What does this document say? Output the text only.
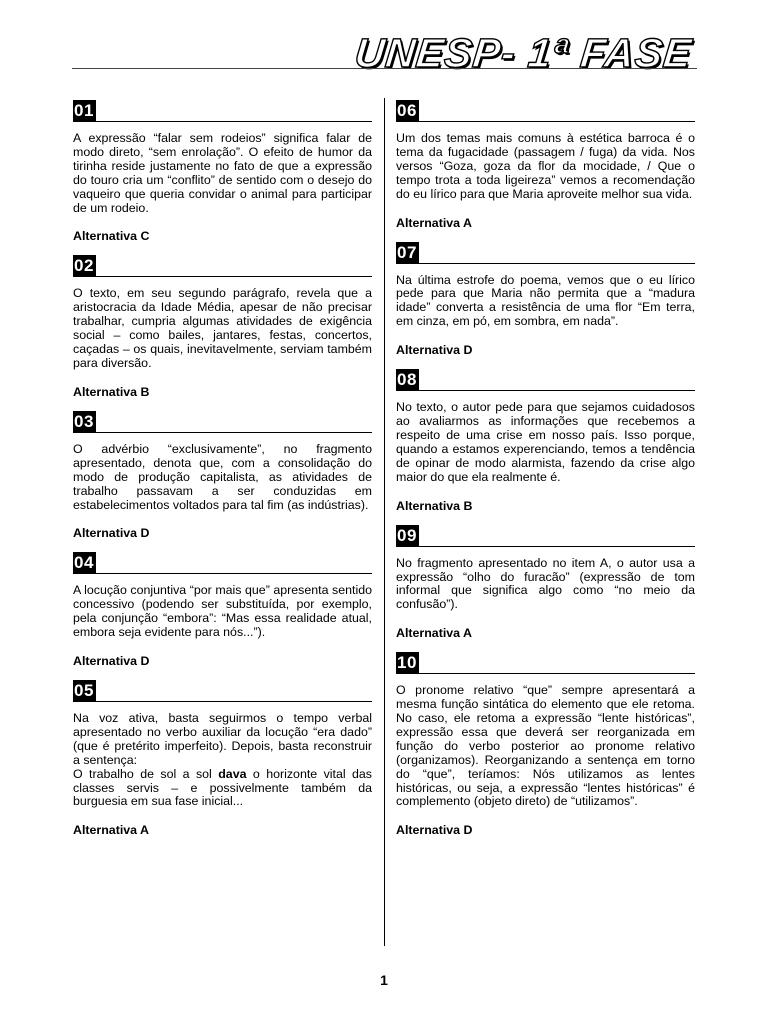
UNESP- 1ª FASE
01

A expressão “falar sem rodeios” significa falar de modo direto, “sem enrolação”. O efeito de humor da tirinha reside justamente no fato de que a expressão do touro cria um “conflito” de sentido com o desejo do vaqueiro que queria convidar o animal para participar de um rodeio.

Alternativa C

02

O texto, em seu segundo parágrafo, revela que a aristocracia da Idade Média, apesar de não precisar trabalhar, cumpria algumas atividades de exigência social – como bailes, jantares, festas, concertos, caçadas – os quais, inevitavelmente, serviam também para diversão.

Alternativa B

03

O advérbio “exclusivamente”, no fragmento apresentado, denota que, com a consolidação do modo de produção capitalista, as atividades de trabalho passavam a ser conduzidas em estabelecimentos voltados para tal fim (as indústrias).

Alternativa D

04

A locução conjuntiva “por mais que” apresenta sentido concessivo (podendo ser substituída, por exemplo, pela conjunção “embora”: “Mas essa realidade atual, embora seja evidente para nós...”).

Alternativa D

05

Na voz ativa, basta seguirmos o tempo verbal apresentado no verbo auxiliar da locução “era dado” (que é pretérito imperfeito). Depois, basta reconstruir a sentença:

O trabalho de sol a sol dava o horizonte vital das classes servis – e possivelmente também da burguesia em sua fase inicial...

Alternativa A

06

Um dos temas mais comuns à estética barroca é o tema da fugacidade (passagem / fuga) da vida. Nos versos “Goza, goza da flor da mocidade, / Que o tempo trota a toda ligeireza” vemos a recomendação do eu lírico para que Maria aproveite melhor sua vida.

Alternativa A

07

Na última estrofe do poema, vemos que o eu lírico pede para que Maria não permita que a “madura idade” converta a resistência de uma flor “Em terra, em cinza, em pó, em sombra, em nada”.

Alternativa D

08

No texto, o autor pede para que sejamos cuidadosos ao avaliarmos as informações que recebemos a respeito de uma crise em nosso país. Isso porque, quando a estamos experenciando, temos a tendência de opinar de modo alarmista, fazendo da crise algo maior do que ela realmente é.

Alternativa B

09

No fragmento apresentado no item A, o autor usa a expressão “olho do furacão” (expressão de tom informal que significa algo como “no meio da confusão”).

Alternativa A

10

O pronome relativo “que” sempre apresentará a mesma função sintática do elemento que ele retoma. No caso, ele retoma a expressão “lente históricas”, expressão essa que deverá ser reorganizada em função do verbo posterior ao pronome relativo (organizamos). Reorganizando a sentença em torno do “que”, teríamos: Nós utilizamos as lentes históricas, ou seja, a expressão “lentes históricas” é complemento (objeto direto) de “utilizamos”.

Alternativa D

1
